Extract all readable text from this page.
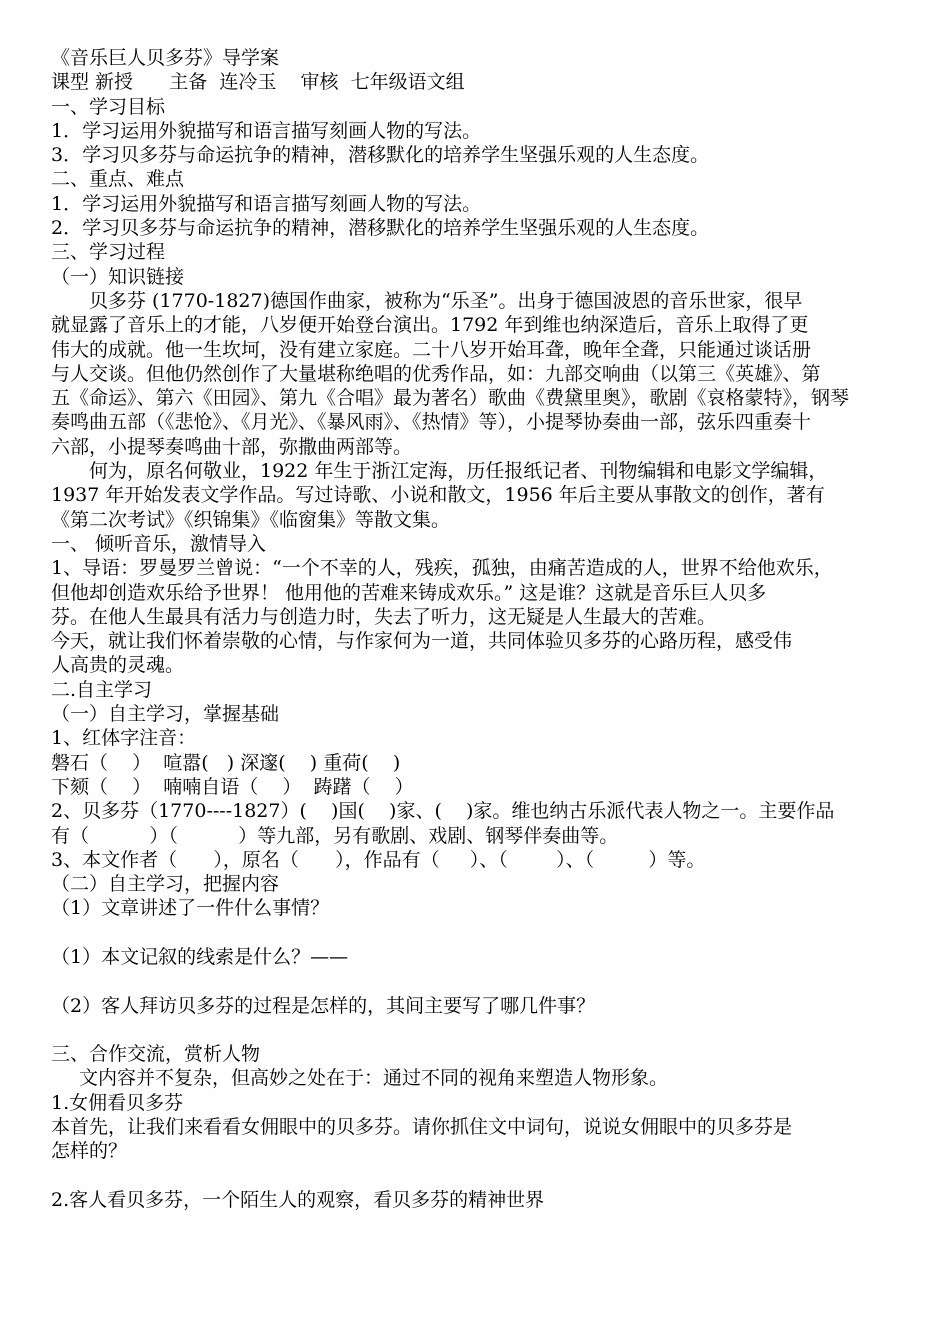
《音乐巨人贝多芬》导学案
课型 新授      主备  连冷玉    审核  七年级语文组
一、学习目标
1．学习运用外貌描写和语言描写刻画人物的写法。
3．学习贝多芬与命运抗争的精神，潜移默化的培养学生坚强乐观的人生态度。
二、重点、难点
1．学习运用外貌描写和语言描写刻画人物的写法。
2．学习贝多芬与命运抗争的精神，潜移默化的培养学生坚强乐观的人生态度。
三、学习过程
（一）知识链接
贝多芬 (1770-1827)德国作曲家，被称为“乐圣”。出身于德国波恩的音乐世家，很早
就显露了音乐上的才能，八岁便开始登台演出。1792 年到维也纳深造后，音乐上取得了更
伟大的成就。他一生坎坷，没有建立家庭。二十八岁开始耳聋，晚年全聋，只能通过谈话册
与人交谈。但他仍然创作了大量堪称绝唱的优秀作品，如：九部交响曲（以第三《英雄》、第
五《命运》、第六《田园》、第九《合唱》最为著名）歌曲《费黛里奥》，歌剧《哀格蒙特》，钢琴
奏鸣曲五部（《悲怆》、《月光》、《暴风雨》、《热情》等），小提琴协奏曲一部，弦乐四重奏十
六部，小提琴奏鸣曲十部，弥撒曲两部等。
何为，原名何敬业，1922 年生于浙江定海，历任报纸记者、刊物编辑和电影文学编辑，
1937 年开始发表文学作品。写过诗歌、小说和散文，1956 年后主要从事散文的创作，著有
《第二次考试》《织锦集》《临窗集》等散文集。
一、 倾听音乐，激情导入
1、导语：罗曼罗兰曾说：“一个不幸的人，残疾，孤独，由痛苦造成的人，世界不给他欢乐，
但他却创造欢乐给予世界！ 他用他的苦难来铸成欢乐。” 这是谁？这就是音乐巨人贝多
芬。在他人生最具有活力与创造力时，失去了听力，这无疑是人生最大的苦难。
今天，就让我们怀着崇敬的心情，与作家何为一道，共同体验贝多芬的心路历程，感受伟
人高贵的灵魂。
二.自主学习
（一）自主学习，掌握基础
1、红体字注音：
磐石（    ）  喧嚣(   ) 深邃(    ) 重荷(    )
下颏（    ）  喃喃自语（    ）  踌躇（    ）
2、贝多芬（1770----1827）(    )国(    )家、(    )家。维也纳古乐派代表人物之一。主要作品
有（          ）（          ）等九部，另有歌剧、戏剧、钢琴伴奏曲等。
3、本文作者（      ），原名（      ），作品有（     ）、（        ）、（         ）等。
（二）自主学习，把握内容
（1）文章讲述了一件什么事情？
（1）本文记叙的线索是什么？——
（2）客人拜访贝多芬的过程是怎样的，其间主要写了哪几件事？
三、合作交流，赏析人物
文内容并不复杂，但高妙之处在于：通过不同的视角来塑造人物形象。
1.女佣看贝多芬
本首先，让我们来看看女佣眼中的贝多芬。请你抓住文中词句，说说女佣眼中的贝多芬是
怎样的？
2.客人看贝多芬，一个陌生人的观察，看贝多芬的精神世界
